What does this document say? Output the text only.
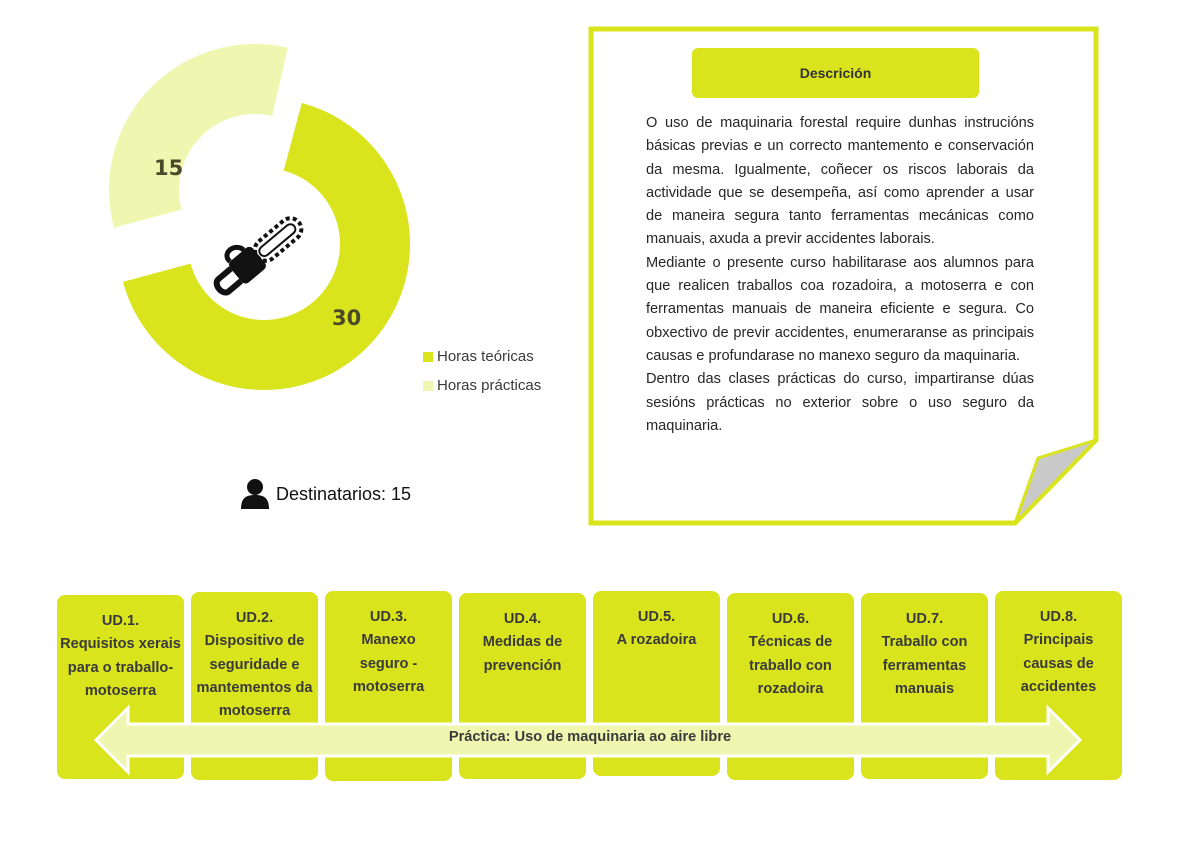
15
30
Horas teóricas
Horas prácticas
Destinatarios: 15
Descrición

O uso de maquinaria forestal require dunhas instrucións básicas previas e un correcto mantemento e conservación da mesma. Igualmente, coñecer os riscos laborais da actividade que se desempeña, así como aprender a usar de maneira segura tanto ferramentas mecánicas como manuais, axuda a previr accidentes laborais.

Mediante o presente curso habilitarase aos alumnos para que realicen traballos coa rozadoira, a motoserra e con ferramentas manuais de maneira eficiente e segura. Co obxectivo de previr accidentes, enumeraranse as principais causas e profundarase no manexo seguro da maquinaria.

Dentro das clases prácticas do curso, impartiranse dúas sesións prácticas no exterior sobre o uso seguro da maquinaria.

UD.1.
Requisitos xerais para o traballo-motoserra
UD.2.
Dispositivo de seguridade e mantementos da motoserra
UD.3.
Manexo seguro - motoserra
UD.4.
Medidas de prevención
UD.5.
A rozadoira
UD.6.
Técnicas de traballo con rozadoira
UD.7.
Traballo con ferramentas manuais
UD.8.
Principais causas de accidentes
Práctica: Uso de maquinaria ao aire libre
